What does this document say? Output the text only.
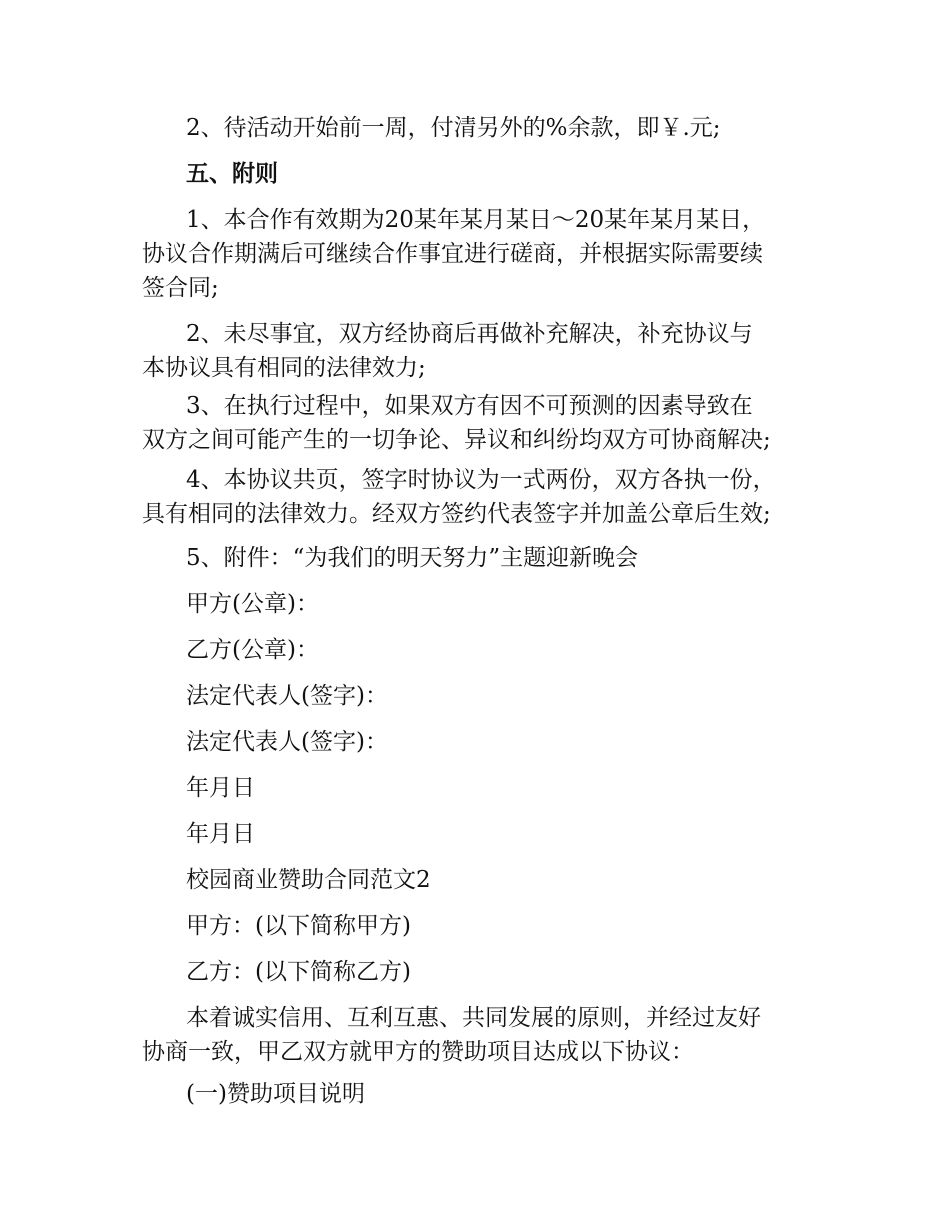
2、待活动开始前一周，付清另外的%余款，即￥.元;
五、附则
1、本合作有效期为20某年某月某日～20某年某月某日，
协议合作期满后可继续合作事宜进行磋商，并根据实际需要续
签合同;
2、未尽事宜，双方经协商后再做补充解决，补充协议与
本协议具有相同的法律效力;
3、在执行过程中，如果双方有因不可预测的因素导致在
双方之间可能产生的一切争论、异议和纠纷均双方可协商解决;
4、本协议共页，签字时协议为一式两份，双方各执一份，
具有相同的法律效力。经双方签约代表签字并加盖公章后生效;
5、附件：“为我们的明天努力”主题迎新晚会
甲方(公章)：
乙方(公章)：
法定代表人(签字)：
法定代表人(签字)：
年月日
年月日
校园商业赞助合同范文2
甲方：(以下简称甲方)
乙方：(以下简称乙方)
本着诚实信用、互利互惠、共同发展的原则，并经过友好
协商一致，甲乙双方就甲方的赞助项目达成以下协议：
(一)赞助项目说明
